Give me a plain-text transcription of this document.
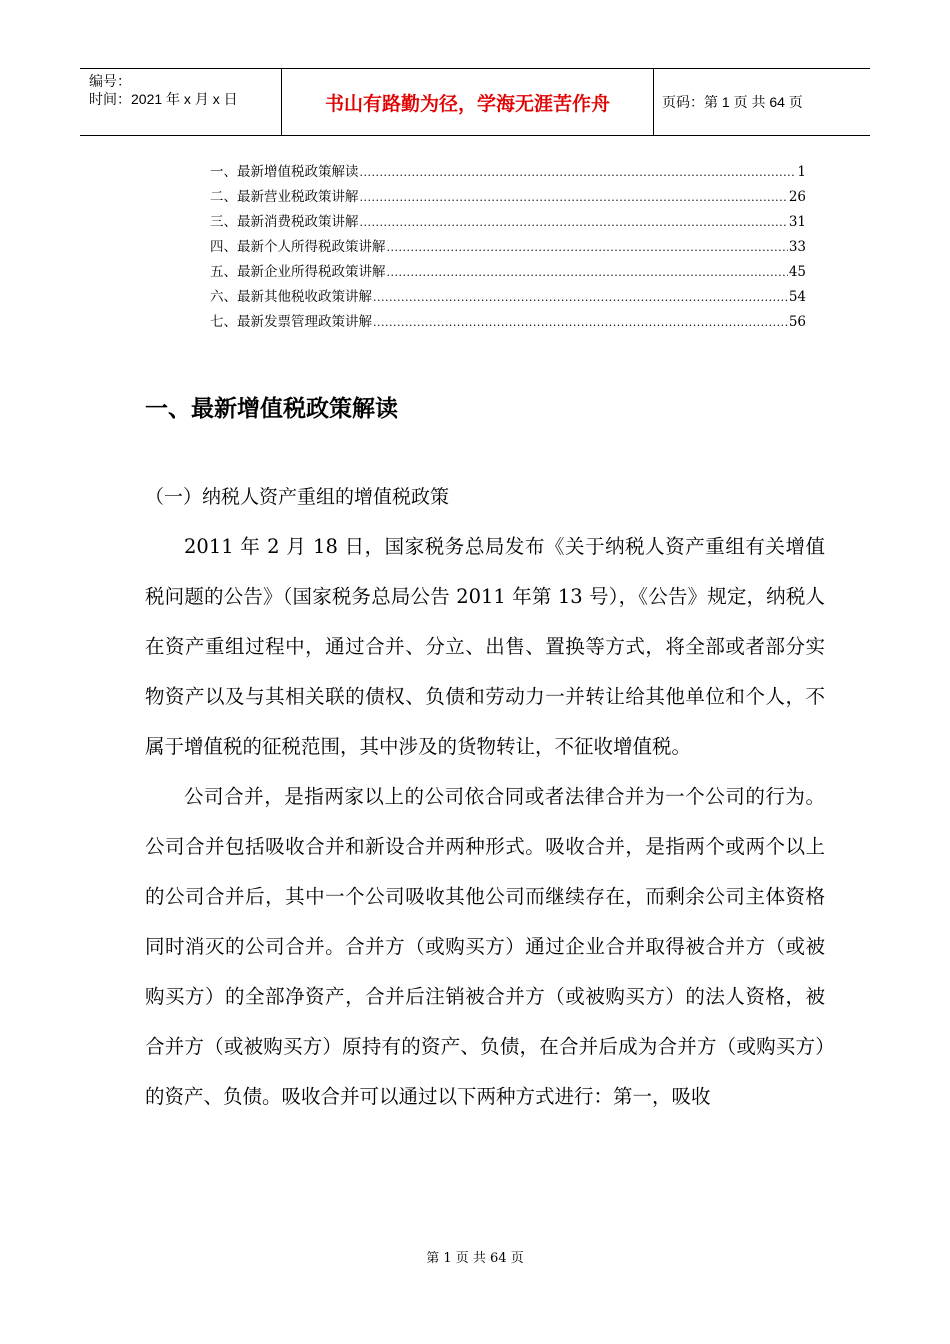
编号：
时间：2021 年 x 月 x 日	书山有路勤为径，学海无涯苦作舟	页码：第 1 页 共 64 页
一、最新增值税政策解读 .....	1
二、最新营业税政策讲解 .....	26
三、最新消费税政策讲解 .....	31
四、最新个人所得税政策讲解 .....	33
五、最新企业所得税政策讲解 .....	45
六、最新其他税收政策讲解 .....	54
七、最新发票管理政策讲解 .....	56
一、最新增值税政策解读
（一）纳税人资产重组的增值税政策

2011 年 2 月 18 日，国家税务总局发布《关于纳税人资产重组有关增值税问题的公告》（国家税务总局公告 2011 年第 13 号），《公告》规定，纳税人在资产重组过程中，通过合并、分立、出售、置换等方式，将全部或者部分实物资产以及与其相关联的债权、负债和劳动力一并转让给其他单位和个人，不属于增值税的征税范围，其中涉及的货物转让，不征收增值税。

公司合并，是指两家以上的公司依合同或者法律合并为一个公司的行为。公司合并包括吸收合并和新设合并两种形式。吸收合并，是指两个或两个以上的公司合并后，其中一个公司吸收其他公司而继续存在，而剩余公司主体资格同时消灭的公司合并。合并方（或购买方）通过企业合并取得被合并方（或被购买方）的全部净资产，合并后注销被合并方（或被购买方）的法人资格，被合并方（或被购买方）原持有的资产、负债，在合并后成为合并方（或购买方）的资产、负债。吸收合并可以通过以下两种方式进行：第一，吸收

第 1 页 共 64 页
